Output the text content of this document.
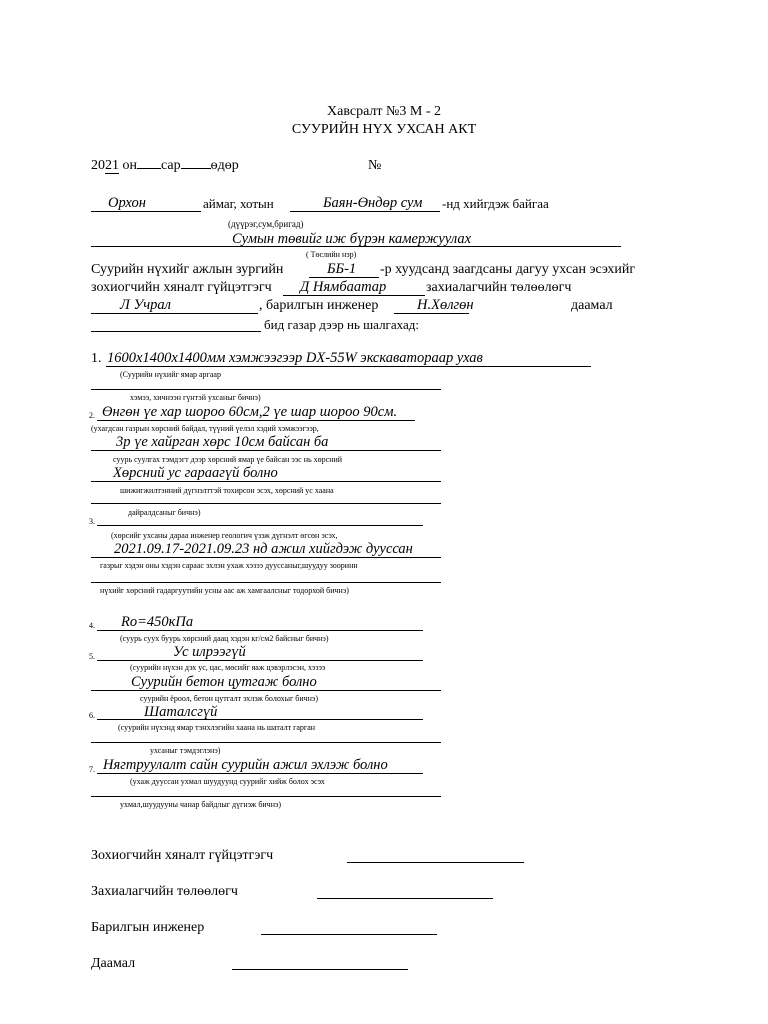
Хавсралт №3 М - 2
СУУРИЙН НҮХ УХСАН АКТ
2021 он сар өдөр	№
Орхон	аймаг, хотын	Баян-Өндөр сум -нд хийгдэж байгаа
(дүүрэг,сум,бригад)
Сумын төвийг иж бүрэн камержуулах
( Төслийн нэр)
Суурийн нүхийг ажлын зургийн	ББ-1 -р хуудсанд заагдсаны дагуу ухсан эсэхийг
зохиогчийн хяналт гүйцэтгэгч Д Нямбаатар	захиалагчийн төлөөлөгч
Л Учрал	, барилгын инженер	Н.Хөлгөн	даамал
бид газар дээр нь шалгахад:
1. 1600х1400х1400мм хэмжээгээр DX-55W экскаватораар ухав
(Суурийн нүхийг ямар аргаар
хэмээ, хичнээн гүнтэй ухсаныг бичнэ)
2. Өнгөн үе хар шороо 60см,2 үе шар шороо 90см.
(ухагдсан газрын хөрсний байдал, түүний үелэл хэдий хэмжээгээр,
3р үе хайрган хөрс 10см байсан ба
суурь суулгах тэмдэгт дээр хөрсний ямар үе байсан ээс нь хөрсний
Хөрсний ус гараагүй болно
шижигжилтэнний дүгнэлттэй тохирсон эсэх, хөрсний ус хаана
дайралдсаныг бичнэ)
3.
(хөрсийг ухсаны дараа инженер геологич үзэж дүгнэлт өгсөн эсэх,
2021.09.17-2021.09.23 нд ажил хийгдэж дууссан
газрыг хэдэн оны хэдэн сараас эхлэн ухаж хэзээ дууссаныг,шуудуу зооринн
нүхийг хөрсний гадаргуутийн усны аас аж хамгаалсныг тодорхой бичнэ)
4. Ro=450кПа
(суурь суух буурь хөрсний даац хэдэн кг/см2 байсныг бичнэ)
5.	Ус илрээгүй
(суурийн нүхэн дэх ус, цас, мөсийг яаж цэвэрлэсэн, хэзээ
Суурийн бетон цутгаж болно
суурийн ёроол, бетон цутгалт эхлэж болохыг бичнэ)
6.	Шаталсгүй
(суурийн нүхэнд ямар тэнхлэгийн хаана нь шаталт гарган
ухсаныг тэмдэглэнэ)
7. Нягтруулалт сайн суурийн ажил эхлэж болно
(ухаж дууссан ухмал шуудуунд суурийг хийж болох эсэх
ухмал,шуудууны чанар байдлыг дүгнэж бичнэ)
Зохиогчийн хяналт гүйцэтгэгч
Захиалагчийн төлөөлөгч
Барилгын инженер
Даамал
